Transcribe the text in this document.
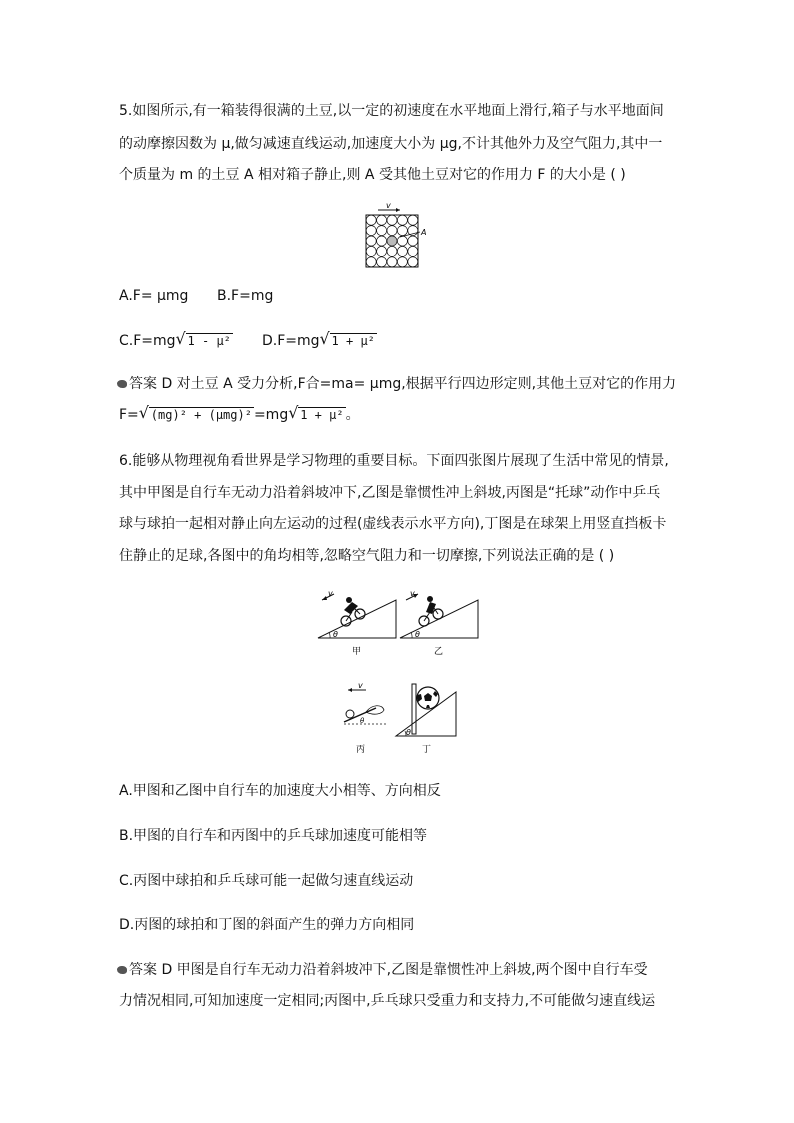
5.如图所示,有一箱装得很满的土豆,以一定的初速度在水平地面上滑行,箱子与水平地面间
的动摩擦因数为 μ,做匀减速直线运动,加速度大小为 μg,不计其他外力及空气阻力,其中一
个质量为 m 的土豆 A 相对箱子静止,则 A 受其他土豆对它的作用力 F 的大小是 ( )
v
A
A.F= μmg B.F=mg
C.F=mg √ 1 - μ² D.F=mg √ 1 + μ²
答案 D 对土豆 A 受力分析,F合=ma= μmg,根据平行四边形定则,其他土豆对它的作用力
F= √ (mg)² + (μmg)² =mg √ 1 + μ² 。
6.能够从物理视角看世界是学习物理的重要目标。下面四张图片展现了生活中常见的情景,
其中甲图是自行车无动力沿着斜坡冲下,乙图是靠惯性冲上斜坡,丙图是“托球”动作中乒乓
球与球拍一起相对静止向左运动的过程(虚线表示水平方向),丁图是在球架上用竖直挡板卡
住静止的足球,各图中的角均相等,忽略空气阻力和一切摩擦,下列说法正确的是 ( )
v
θ
甲
v
θ
乙
v
θ
丙
θ
丁
A.甲图和乙图中自行车的加速度大小相等、方向相反
B.甲图的自行车和丙图中的乒乓球加速度可能相等
C.丙图中球拍和乒乓球可能一起做匀速直线运动
D.丙图的球拍和丁图的斜面产生的弹力方向相同
答案 D 甲图是自行车无动力沿着斜坡冲下,乙图是靠惯性冲上斜坡,两个图中自行车受
力情况相同,可知加速度一定相同;丙图中,乒乓球只受重力和支持力,不可能做匀速直线运
